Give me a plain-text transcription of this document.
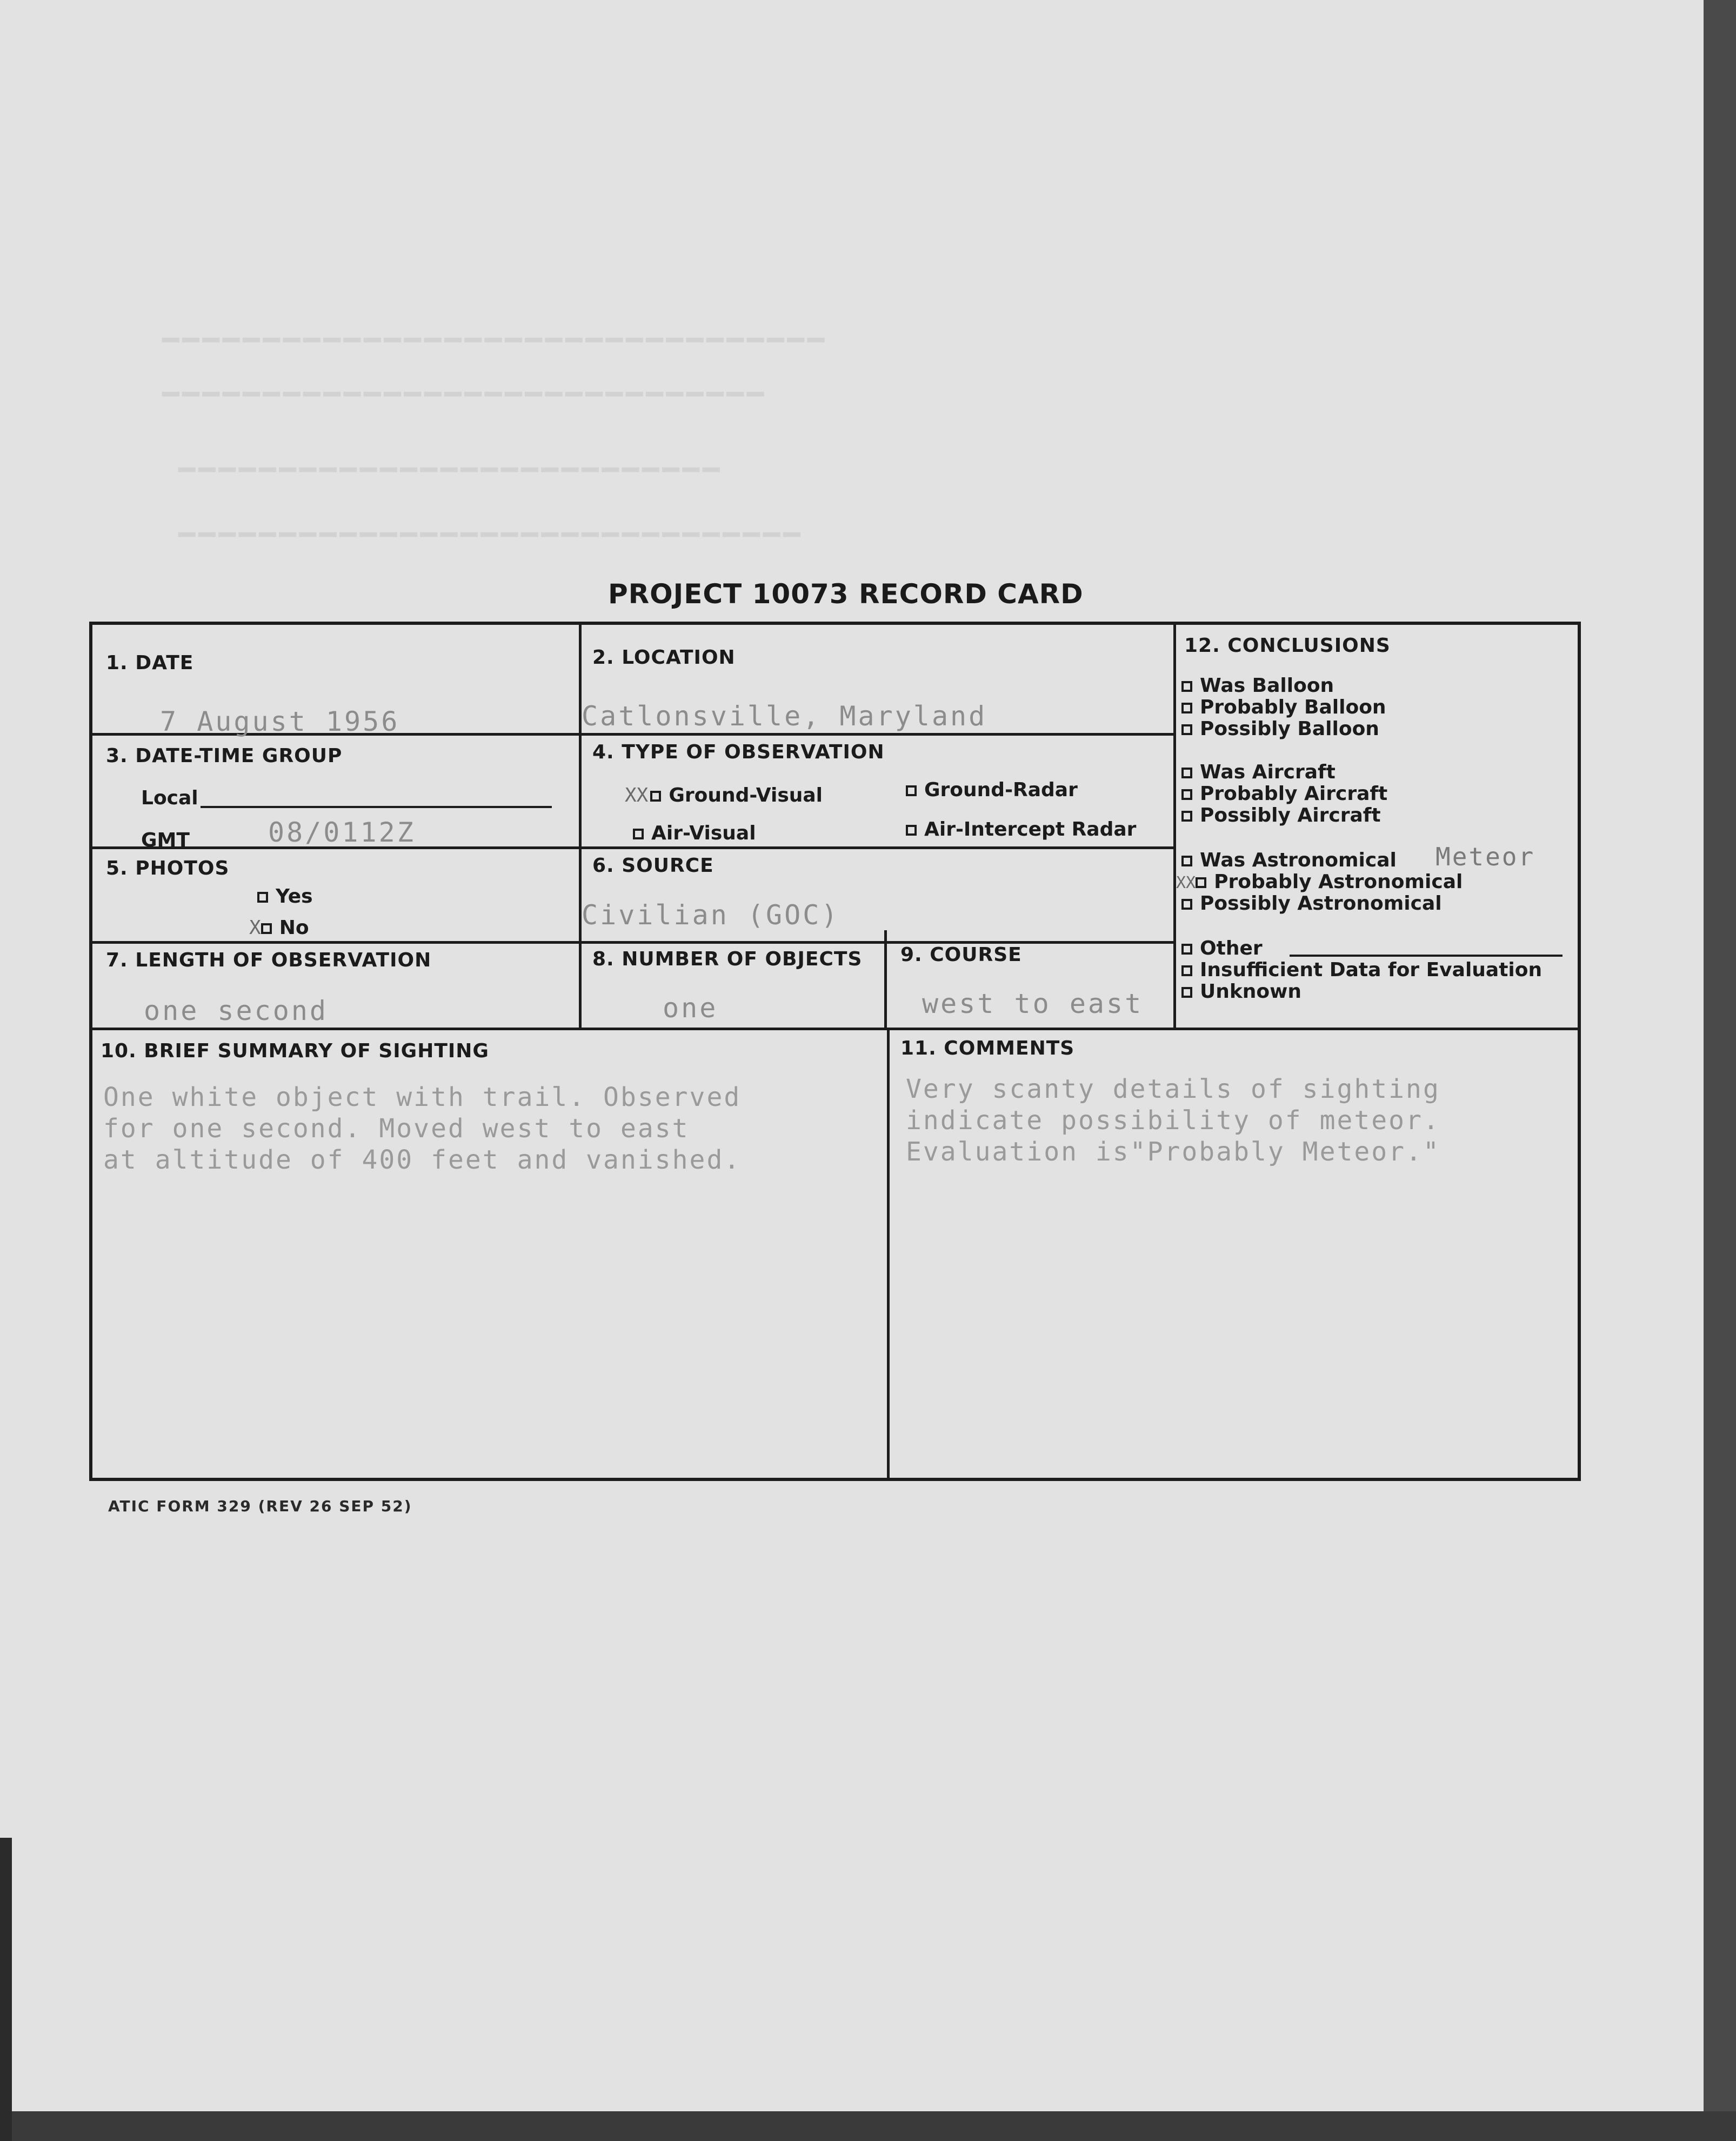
━━━━━━━━━━━━━━━━━━━━━━━━━━━━━━━━━
━━━━━━━━━━━━━━━━━━━━━━━━━━━━━━
━━━━━━━━━━━━━━━━━━━━━━━━━━━
━━━━━━━━━━━━━━━━━━━━━━━━━━━━━━━
PROJECT 10073 RECORD CARD
1. DATE
7 August 1956
2. LOCATION
Catlonsville, Maryland
3. DATE-TIME GROUP
Local
GMT	08/0112Z
4. TYPE OF OBSERVATION
XX Ground-Visual	Ground-Radar
Air-Visual	Air-Intercept Radar
5. PHOTOS
Yes
X No
6. SOURCE
Civilian (GOC)
7. LENGTH OF OBSERVATION
one second
8. NUMBER OF OBJECTS
one
9. COURSE
west to east
10. BRIEF SUMMARY OF SIGHTING
One white object with trail. Observed
for one second. Moved west to east
at altitude of 400 feet and vanished.
11. COMMENTS
Very scanty details of sighting
indicate possibility of meteor.
Evaluation is"Probably Meteor."
12. CONCLUSIONS
Was Balloon
Probably Balloon
Possibly Balloon
Was Aircraft
Probably Aircraft
Possibly Aircraft
Was Astronomical Meteor
XX Probably Astronomical
Possibly Astronomical
Other
Insufficient Data for Evaluation
Unknown
ATIC FORM 329 (REV 26 SEP 52)
